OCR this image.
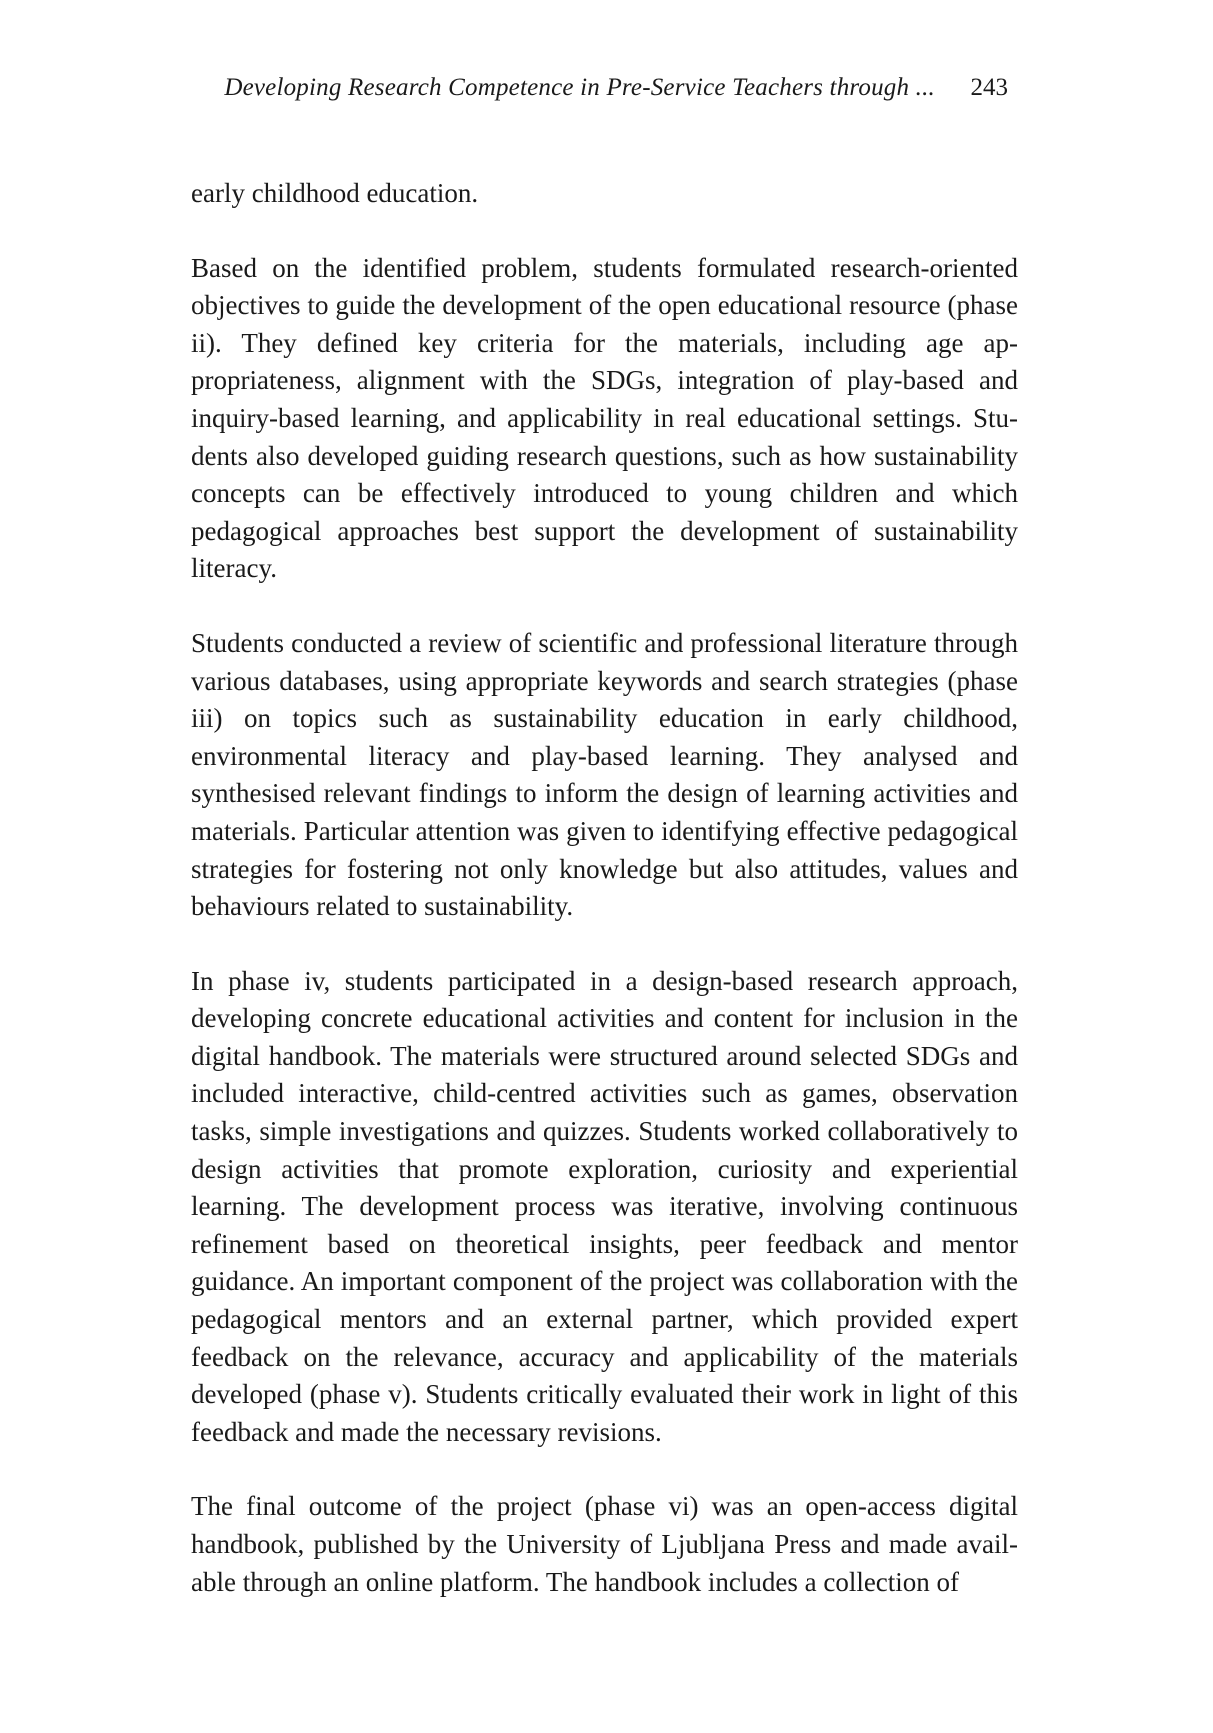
Developing Research Competence in Pre-Service Teachers through ... 243

early childhood education.

Based on the identified problem, students formulated research-oriented objectives to guide the development of the open educational resource (phase ii). They defined key criteria for the materials, including age appropriateness, alignment with the SDGs, integration of play-based and inquiry-based learning, and applicability in real educational settings. Students also developed guiding research questions, such as how sustainability concepts can be effectively introduced to young children and which pedagogical approaches best support the development of sustainability literacy.

Students conducted a review of scientific and professional literature through various databases, using appropriate keywords and search strategies (phase iii) on topics such as sustainability education in early childhood, environmental literacy and play-based learning. They analysed and synthesised relevant findings to inform the design of learning activities and materials. Particular attention was given to identifying effective pedagogical strategies for fostering not only knowledge but also attitudes, values and behaviours related to sustainability.

In phase iv, students participated in a design-based research approach, developing concrete educational activities and content for inclusion in the digital handbook. The materials were structured around selected SDGs and included interactive, child-centred activities such as games, observation tasks, simple investigations and quizzes. Students worked collaboratively to design activities that promote exploration, curiosity and experiential learning. The development process was iterative, involving continuous refinement based on theoretical insights, peer feedback and mentor guidance. An important component of the project was collaboration with the pedagogical mentors and an external partner, which provided expert feedback on the relevance, accuracy and applicability of the materials developed (phase v). Students critically evaluated their work in light of this feedback and made the necessary revisions.

The final outcome of the project (phase vi) was an open-access digital handbook, published by the University of Ljubljana Press and made available through an online platform. The handbook includes a collection of
